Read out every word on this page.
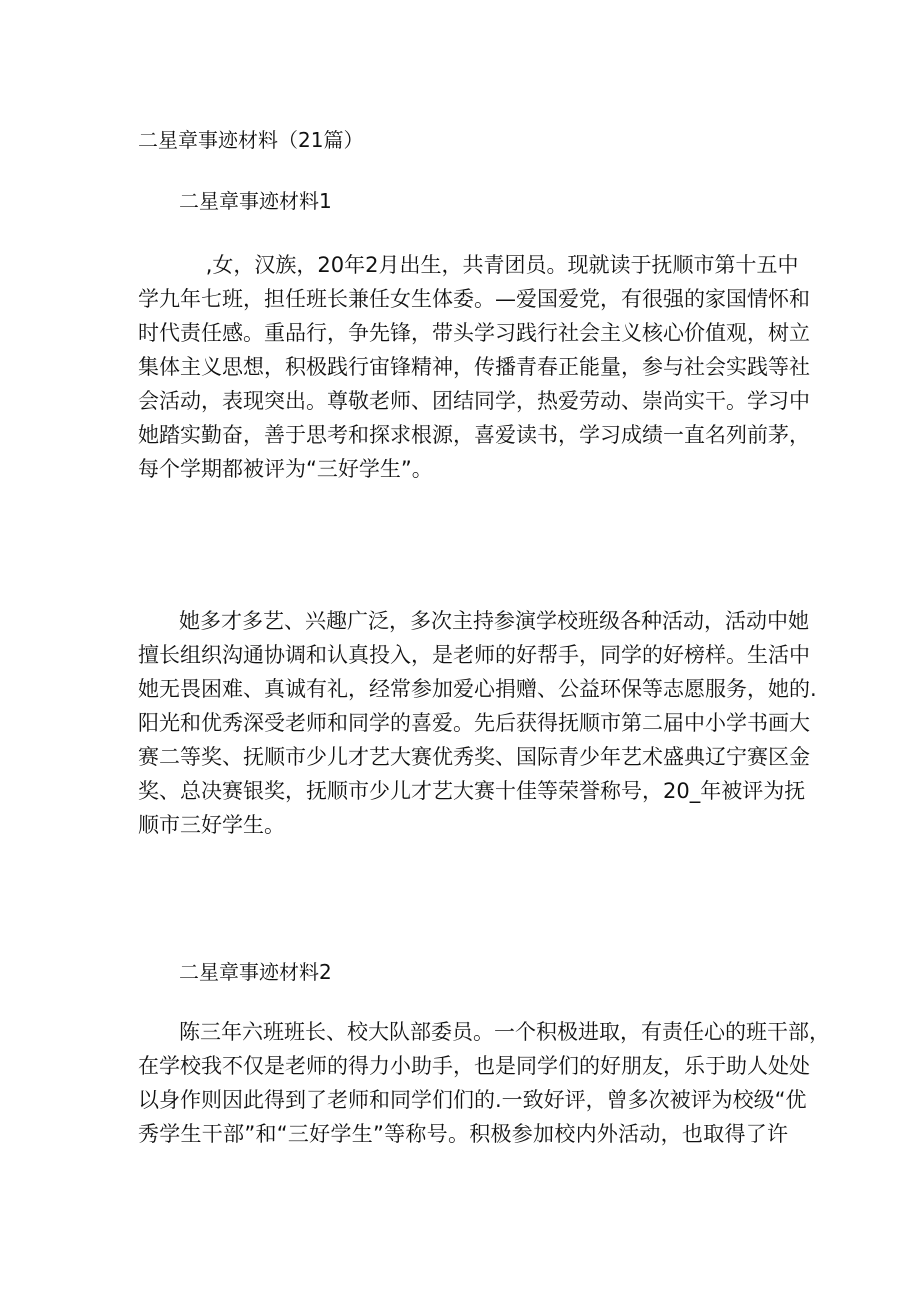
二星章事迹材料（21篇）
二星章事迹材料1
,女，汉族，20年2月出生，共青团员。现就读于抚顺市第十五中
学九年七班，担任班长兼任女生体委。—爱国爱党，有很强的家国情怀和
时代责任感。重品行，争先锋，带头学习践行社会主义核心价值观，树立
集体主义思想，积极践行宙锋精神，传播青春正能量，参与社会实践等社
会活动，表现突出。尊敬老师、团结同学，热爱劳动、崇尚实干。学习中
她踏实勤奋，善于思考和探求根源，喜爱读书，学习成绩一直名列前茅，
每个学期都被评为“三好学生”。
她多才多艺、兴趣广泛，多次主持参演学校班级各种活动，活动中她
擅长组织沟通协调和认真投入，是老师的好帮手，同学的好榜样。生活中
她无畏困难、真诚有礼，经常参加爱心捐赠、公益环保等志愿服务，她的.
阳光和优秀深受老师和同学的喜爱。先后获得抚顺市第二届中小学书画大
赛二等奖、抚顺市少儿才艺大赛优秀奖、国际青少年艺术盛典辽宁赛区金
奖、总决赛银奖，抚顺市少儿才艺大赛十佳等荣誉称号，20_年被评为抚
顺市三好学生。
二星章事迹材料2
陈三年六班班长、校大队部委员。一个积极进取，有责任心的班干部，
在学校我不仅是老师的得力小助手，也是同学们的好朋友，乐于助人处处
以身作则因此得到了老师和同学们们的.一致好评，曾多次被评为校级“优
秀学生干部”和“三好学生”等称号。积极参加校内外活动，也取得了许
